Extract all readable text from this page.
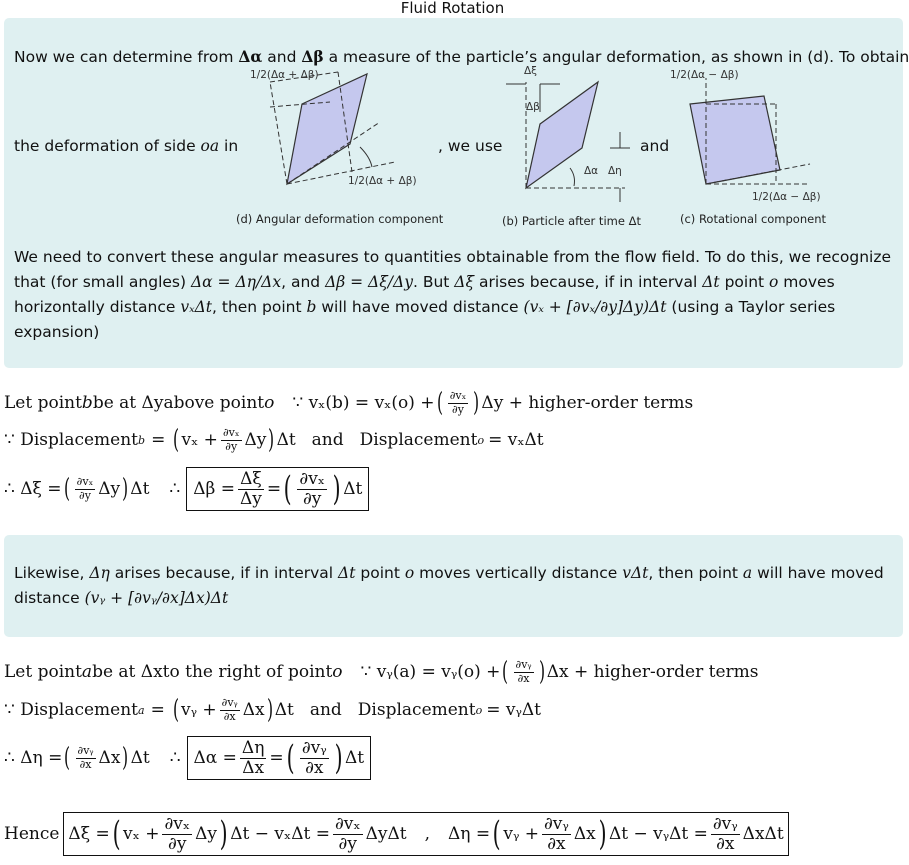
Fluid Rotation
Now we can determine from Δα and Δβ a measure of the particle’s angular deformation, as shown in (d). To obtain
the deformation of side oa in	, we use	and
We need to convert these angular measures to quantities obtainable from the flow field. To do this, we recognize
that (for small angles) Δα = Δη/Δx, and Δβ = Δξ/Δy. But Δξ arises because, if in interval Δt point o moves
horizontally distance vₓΔt, then point b will have moved distance (vₓ + [∂vₓ/∂y]Δy)Δt (using a Taylor series
expansion)
1/2(Δα + Δβ)
1/2(Δα + Δβ)
(d) Angular deformation component
Δξ
Δβ
Δα Δη
(b) Particle after time Δt
1/2(Δα − Δβ)
1/2(Δα − Δβ)
(c) Rotational component
Let point b be at
Δy above point o ∵ vₓ(b) = vₓ(o) + ( $\frac{\text{∂vₓ}}{\partial y}$ ) Δy + higher-order terms
∵ Displacement b = ( $v_x + \frac{\text{∂vₓ}}{\partial y}$ Δy ) Δt and Displacement o = vₓΔt
∴ Δξ = ( $\frac{\text{∂vₓ}}{\partial y}$ Δy ) Δt ∴ $\Delta\beta = \frac{\Delta\xi}{\Delta y}$ = ( $\frac{\text{∂vₓ}}{\partial y}$ ) Δt
Likewise, Δη arises because, if in interval Δt point o moves vertically distance vΔt, then point a will have moved
distance (vᵧ + [∂vᵧ/∂x]Δx)Δt
Let point a be at
Δx to the right of point o ∵ vᵧ(a) = vᵧ(o) + ( $\frac{\text{∂vᵧ}}{\partial x}$ ) Δx + higher-order terms
∵ Displacement a = ( vᵧ + $\frac{\text{∂vᵧ}}{\partial x}$ Δx ) Δt and Displacement o = vᵧΔt
∴ Δη = ( $\frac{\text{∂vᵧ}}{\partial x}$ Δx ) Δt ∴ $\Delta\alpha = \frac{\Delta\eta}{\Delta x}$ = ( $\frac{\text{∂vᵧ}}{\partial x}$ ) Δt
Hence Δξ = ( $v_x + \frac{\text{∂vₓ}}{\partial y}$ Δy ) $\Delta t - v_x\Delta t = \frac{\text{∂vₓ}}{\partial y}$ ΔyΔt , Δη = ( vᵧ + $\frac{\text{∂vᵧ}}{\partial x}$ Δx ) Δt − vᵧΔt = $\frac{\text{∂vᵧ}}{\partial x}$ ΔxΔt
